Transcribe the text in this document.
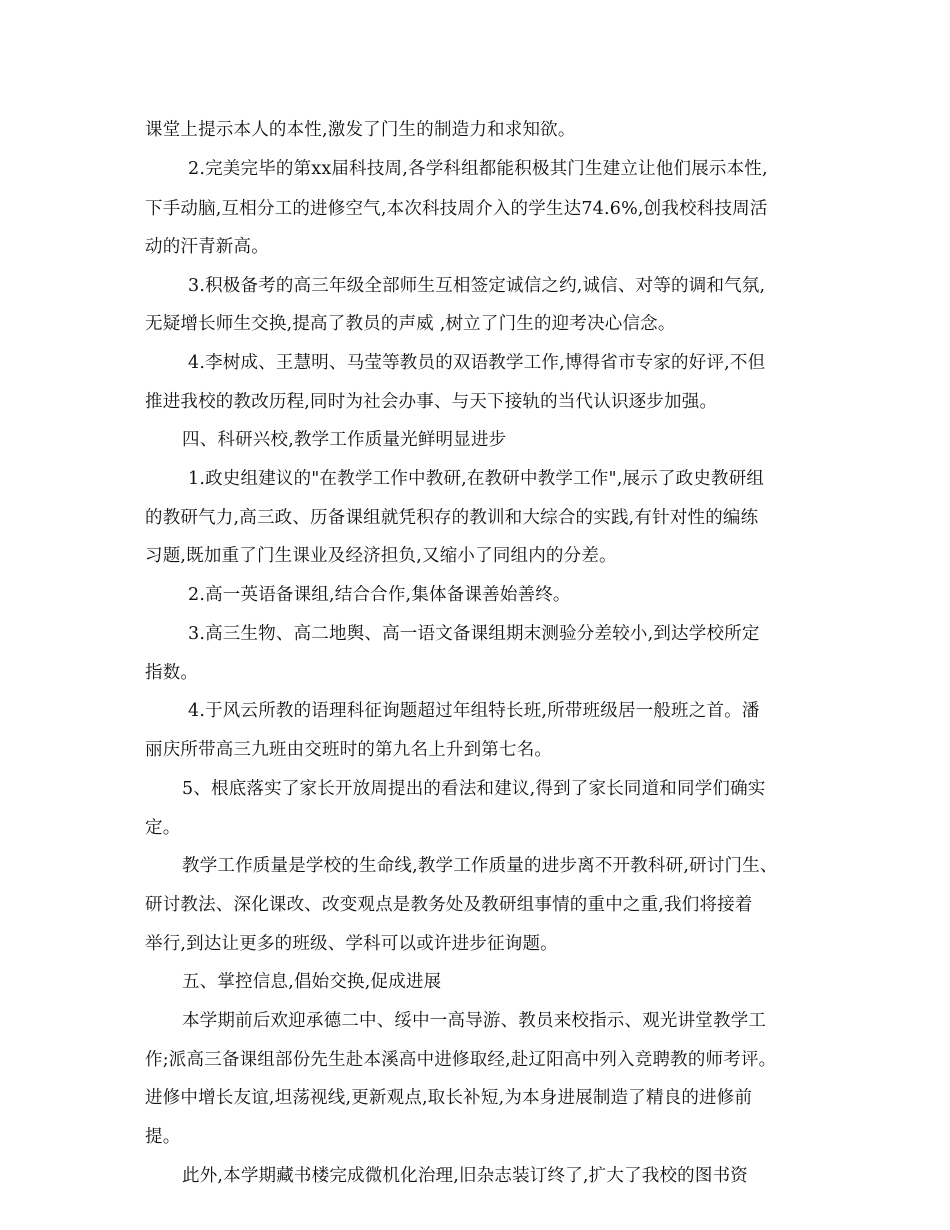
课堂上提示本人的本性,激发了门生的制造力和求知欲。
2.完美完毕的第xx届科技周,各学科组都能积极其门生建立让他们展示本性,
下手动脑,互相分工的进修空气,本次科技周介入的学生达74.6%,创我校科技周活
动的汗青新高。
3.积极备考的高三年级全部师生互相签定诚信之约,诚信、对等的调和气氛,
无疑增长师生交换,提高了教员的声威 ,树立了门生的迎考决心信念。
4.李树成、王慧明、马莹等教员的双语教学工作,博得省市专家的好评,不但
推进我校的教改历程,同时为社会办事、与天下接轨的当代认识逐步加强。
四、科研兴校,教学工作质量光鲜明显进步
1.政史组建议的"在教学工作中教研,在教研中教学工作",展示了政史教研组
的教研气力,高三政、历备课组就凭积存的教训和大综合的实践,有针对性的编练
习题,既加重了门生课业及经济担负,又缩小了同组内的分差。
2.高一英语备课组,结合合作,集体备课善始善终。
3.高三生物、高二地舆、高一语文备课组期末测验分差较小,到达学校所定
指数。
4.于风云所教的语理科征询题超过年组特长班,所带班级居一般班之首。潘
丽庆所带高三九班由交班时的第九名上升到第七名。
5、根底落实了家长开放周提出的看法和建议,得到了家长同道和同学们确实
定。
教学工作质量是学校的生命线,教学工作质量的进步离不开教科研,研讨门生、
研讨教法、深化课改、改变观点是教务处及教研组事情的重中之重,我们将接着
举行,到达让更多的班级、学科可以或许进步征询题。
五、掌控信息,倡始交换,促成进展
本学期前后欢迎承德二中、绥中一高导游、教员来校指示、观光讲堂教学工
作;派高三备课组部份先生赴本溪高中进修取经,赴辽阳高中列入竞聘教的师考评。
进修中增长友谊,坦荡视线,更新观点,取长补短,为本身进展制造了精良的进修前
提。
此外,本学期藏书楼完成微机化治理,旧杂志装订终了,扩大了我校的图书资
